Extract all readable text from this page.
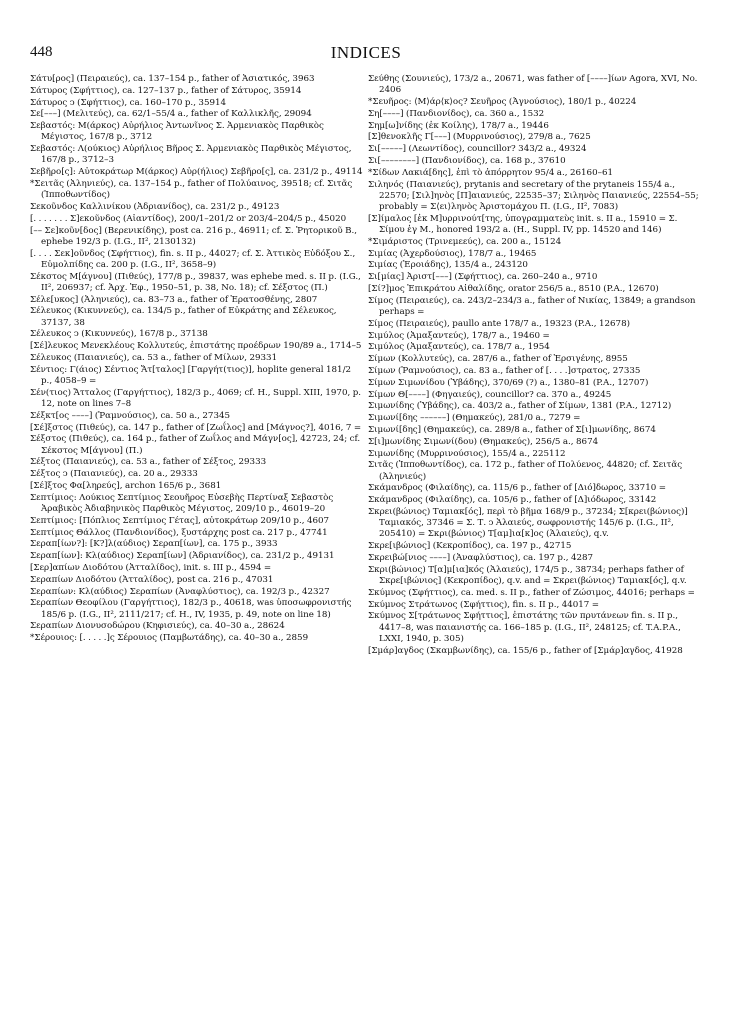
448	INDICES

Σάτυ[ρος] (Πειραιεύς), ca. 137–154 p., father of Ἀσιατικός, 3963

Σάτυρος (Σφήττιος), ca. 127–137 p., father of Σάτυρος, 35914

Σάτυρος ↄ (Σφήττιος), ca. 160–170 p., 35914

Σε[–––] (Μελιτεύς), ca. 62/1–55/4 a., father of Καλλικλῆς, 29094

Σεβαστός: Μ(άρκος) Αὐρήλιος Ἀντωνῖνος Σ. Ἀρμενιακὸς Παρθικὸς Μέγιστος, 167/8 p., 3712

Σεβαστός: Λ(ούκιος) Αὐρήλιος Βῆρος Σ. Ἀρμενιακὸς Παρθικὸς Μέγιστος, 167/8 p., 3712–3

Σεβῆρο[ς]: Αὐτοκράτωρ Μ(άρκος) Αὐρ(ήλιος) Σεβῆρο[ς], ca. 231/2 p., 49114

*Σειτᾶς (Ἀληνιεύς), ca. 137–154 p., father of Πολύαινος, 39518; cf. Σιτᾶς (Ἱπποθωντίδος)

Σεκοῦνδος Καλλινίκου (Ἀδριανίδος), ca. 231/2 p., 49123

[. . . . . . . Σ]εκοῦνδος (Αἰαντίδος), 200/1–201/2 or 203/4–204/5 p., 45020

[–– Σε]κοῦν[δος] (Βερενικίδης), post ca. 216 p., 46911; cf. Σ. Ῥητορικοῦ Β., ephebe 192/3 p. (I.G., II², 2130132)

[. . . . Σεκ]οῦνδος (Σφήττιος), fin. s. II p., 44027; cf. Σ. Ἀττικὸς Εὐδόξου Σ., Εὐμολπίδης ca. 200 p. (I.G., II², 3658–9)

Σέκστος Μ[άγνου] (Πιθεύς), 177/8 p., 39837, was ephebe med. s. II p. (I.G., II², 206937; cf. Ἀρχ. Ἐφ., 1950–51, p. 38, No. 18); cf. Σέξστος (Π.)

Σέλε[υκος] (Ἀληνιεύς), ca. 83–73 a., father of Ἐρατοσθένης, 2807

Σέλευκος (Κικυννεύς), ca. 134/5 p., father of Εὐκράτης and Σέλευκος, 37137, 38

Σέλευκος ↄ (Κικυννεύς), 167/8 p., 37138

[Σέ]λευκος Μενεκλέους Κολλυτεύς, ἐπιστάτης προέδρων 190/89 a., 1714–5

Σέλευκος (Παιανιεύς), ca. 53 a., father of Μίλων, 29331

Σέντιος: Γ(άιος) Σέντιος Ἄτ[ταλος] [Γαργήτ(τιος)], hoplite general 181/2 p., 4058–9 =

Σέν(τιος) Ἄτταλος (Γαργήττιος), 182/3 p., 4069; cf. H., Suppl. XIII, 1970, p. 12, note on lines 7–8

Σέξκτ[ος ––––] (Ῥαμνούσιος), ca. 50 a., 27345

[Σέ]ξστος (Πιθεύς), ca. 147 p., father of [Ζωΐλος] and [Μάγνος?], 4016, 7 =

Σέξστος (Πιθεύς), ca. 164 p., father of Ζωΐλος and Μάγν[ος], 42723, 24; cf. Σέκστος Μ[άγνου] (Π.)

Σέξτος (Παιανιεύς), ca. 53 a., father of Σέξτος, 29333

Σέξτος ↄ (Παιανιεύς), ca. 20 a., 29333

[Σέ]ξτος Φα[ληρεύς], archon 165/6 p., 3681

Σεπτίμιος: Λούκιος Σεπτίμιος Σεουῆρος Εὐσεβὴς Περτίναξ Σεβαστὸς Ἀραβικὸς Ἀδιαβηνικὸς Παρθικὸς Μέγιστος, 209/10 p., 46019–20

Σεπτίμιος: [Πόπλιος Σεπτίμιος Γέτας], αὐτοκράτωρ 209/10 p., 4607

Σεπτίμιος Θάλλος (Πανδιονίδος), ξυστάρχης post ca. 217 p., 47741

Σεραπ[ίων?]: [Κ?]λ(αύδιος) Σεραπ[ίων], ca. 175 p., 3933

Σεραπ[ίων]: Κλ(αύδιος) Σεραπ[ίων] (Ἀδριανίδος), ca. 231/2 p., 49131

[Σερ]απίων Διοδότου (Ἀτταλίδος), init. s. III p., 4594 =

Σεραπίων Διοδότου (Ἀτταλίδος), post ca. 216 p., 47031

Σεραπίων: Κλ(αύδιος) Σεραπίων (Ἀναφλύστιος), ca. 192/3 p., 42327

Σεραπίων Θεοφίλου (Γαργήττιος), 182/3 p., 40618, was ὑποσωφρονιστής 185/6 p. (I.G., II², 2111/217; cf. H., IV, 1935, p. 49, note on line 18)

Σεραπίων Διονυσοδώρου (Κηφισιεύς), ca. 40–30 a., 28624

*Σέρουιος: [. . . . .]ς Σέρουιος (Παμβωτάδης), ca. 40–30 a., 2859

Σεύθης (Σουνιεύς), 173/2 a., 20671, was father of [––––]ίων Agora, XVI, No. 2406

*Σευῆρος: ⟨Μ⟩άρ⟨κ⟩ος? Σευῆρος (Ἀγνούσιος), 180/1 p., 40224

Ση[––––] (Πανδιονίδος), ca. 360 a., 1532

Σημ[ω]νίδης (ἐκ Κοίλης), 178/7 a., 19446

[Σ]θενοκλῆς Γ[–––] (Μυρρινούσιος), 279/8 a., 7625

Σι[–––––] (Λεωντίδος), councillor? 343/2 a., 49324

Σι[––––––––] (Πανδιονίδος), ca. 168 p., 37610

*Σίδων Λακιά[δης], ἐπὶ τὸ ἀπόρρητον 95/4 a., 26160–61

Σιληνός (Παιανιεύς), prytanis and secretary of the prytaneis 155/4 a., 22570; [Σιλ]ηνὸς [Π]αιανιεύς, 22535–37; Σιληνὸς Παιανιεύς, 22554–55; probably = Σ⟨ει⟩ληνὸς Ἀριστομάχου Π. (I.G., II², 7083)

[Σ]ίμαλος [ἐκ Μ]υρρινούτ[της, ὑπογραμματεὺς init. s. II a., 15910 = Σ. Σίμου ἐγ Μ., honored 193/2 a. (H., Suppl. IV, pp. 14520 and 146)

*Σιμάριστος (Τρινεμεεύς), ca. 200 a., 15124

Σιμίας (Ἀχερδούσιος), 178/7 a., 19465

Σιμίας (Ἐροιάδης), 135/4 a., 243120

Σι[μίας] Ἀριστ[–––] (Σφήττιος), ca. 260–240 a., 9710

[Σί?]μος Ἐπικράτου Αἰθαλίδης, orator 256/5 a., 8510 (P.A., 12670)

Σίμος (Πειραιεύς), ca. 243/2–234/3 a., father of Νικίας, 13849; a grandson perhaps =

Σίμος (Πειραιεύς), paullo ante 178/7 a., 19323 (P.A., 12678)

Σιμύλος (Ἀμαξαντεύς), 178/7 a., 19460 =

Σιμύλος (Ἀμαξαντεύς), ca. 178/7 a., 1954

Σίμων (Κολλυτεύς), ca. 287/6 a., father of Ἐρσιγένης, 8955

Σίμων (Ῥαμνούσιος), ca. 83 a., father of [. . . .]στρατος, 27335

Σίμων Σιμωνίδου (Ὑβάδης), 370/69 (?) a., 1380–81 (P.A., 12707)

Σίμων Θ[––––] (Φηγαιεύς), councillor? ca. 370 a., 49245

Σιμωνίδης (Ὑβάδης), ca. 403/2 a., father of Σίμων, 1381 (P.A., 12712)

Σιμωνί[δης ––––––] (Θημακεύς), 281/0 a., 7279 =

Σιμωνί[δης] (Θημακεύς), ca. 289/8 a., father of Σ[ι]μωνίδης, 8674

Σ[ι]μωνίδης Σιμωνί(δου) (Θημακεύς), 256/5 a., 8674

Σιμωνίδης (Μυρρινούσιος), 155/4 a., 225112

Σιτᾶς (Ἱπποθωντίδος), ca. 172 p., father of Πολύενος, 44820; cf. Σειτᾶς (Ἀληνιεύς)

Σκάμανδρος (Φιλαίδης), ca. 115/6 p., father of [Διό]δωρος, 33710 =

Σκάμανδρος (Φιλαίδης), ca. 105/6 p., father of [Δ]ιόδωρος, 33142

Σκρει(βώνιος) Ταμιακ[ός], περὶ τὸ βῆμα 168/9 p., 37234; Σ[κρει(βώνιος)] Ταμιακός, 37346 = Σ. Τ. ↄ Ἁλαιεύς, σωφρονιστής 145/6 p. (I.G., II², 205410) = Σκρι(βώνιος) Τ[αμ]ια[κ]ος (Ἁλαιεύς), q.v.

Σκρε[ιβώνιος] (Κεκροπίδος), ca. 197 p., 42715

Σκρειβώ[νιος ––––] (Ἀναφλύστιος), ca. 197 p., 4287

Σκρι(βώνιος) Τ[α]μ[ια]κός (Ἁλαιεύς), 174/5 p., 38734; perhaps father of Σκρε[ιβώνιος] (Κεκροπίδος), q.v. and = Σκρει(βώνιος) Ταμιακ[ός], q.v.

Σκύμνος (Σφήττιος), ca. med. s. II p., father of Ζώσιμος, 44016; perhaps =

Σκύμνος Στράτωνος (Σφήττιος), fin. s. II p., 44017 =

Σκύμνος Σ[τράτωνος Σφήττιος], ἐπιστάτης τῶν πρυτάνεων fin. s. II p., 4417–8, was παιανιστής ca. 166–185 p. (I.G., II², 248125; cf. T.A.P.A., LXXI, 1940, p. 305)

[Σμάρ]αγδος (Σκαμβωνίδης), ca. 155/6 p., father of [Σμάρ]αγδος, 41928
